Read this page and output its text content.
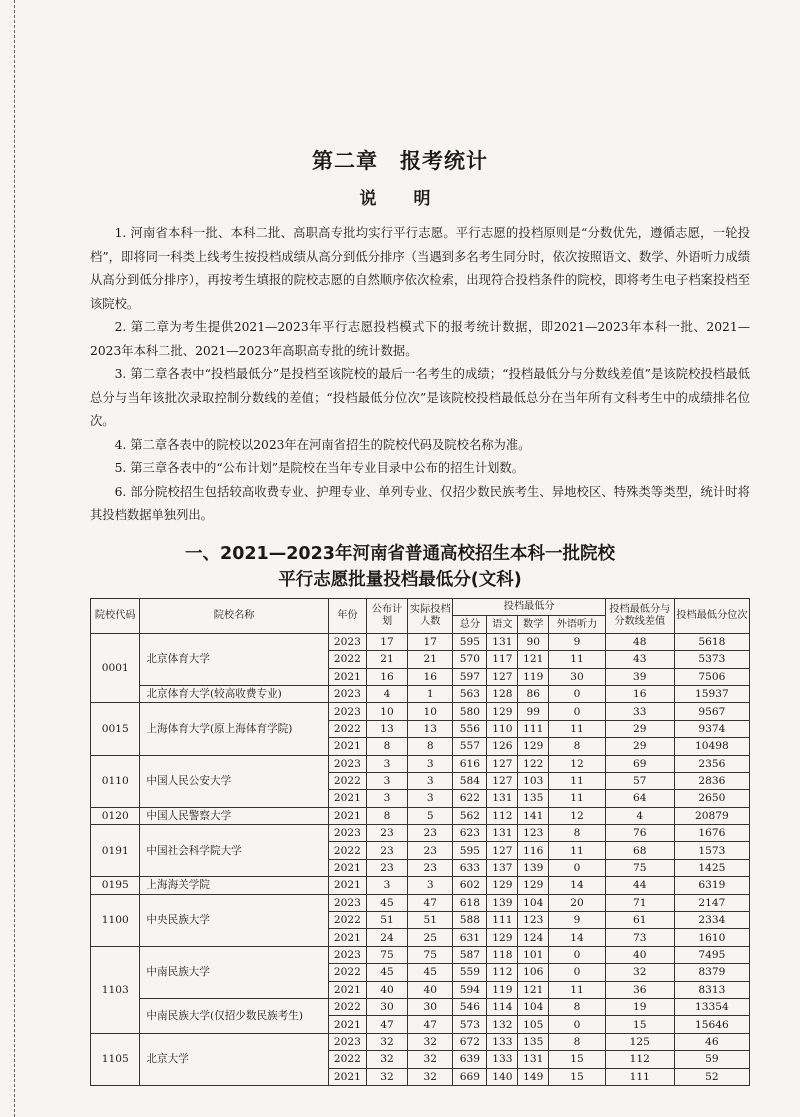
第二章　报考统计
说　明

1. 河南省本科一批、本科二批、高职高专批均实行平行志愿。平行志愿的投档原则是“分数优先，遵循志愿，一轮投档”，即将同一科类上线考生按投档成绩从高分到低分排序（当遇到多名考生同分时，依次按照语文、数学、外语听力成绩从高分到低分排序），再按考生填报的院校志愿的自然顺序依次检索，出现符合投档条件的院校，即将考生电子档案投档至该院校。

2. 第二章为考生提供2021—2023年平行志愿投档模式下的报考统计数据，即2021—2023年本科一批、2021—2023年本科二批、2021—2023年高职高专批的统计数据。

3. 第二章各表中“投档最低分”是投档至该院校的最后一名考生的成绩；“投档最低分与分数线差值”是该院校投档最低总分与当年该批次录取控制分数线的差值；“投档最低分位次”是该院校投档最低总分在当年所有文科考生中的成绩排名位次。

4. 第二章各表中的院校以2023年在河南省招生的院校代码及院校名称为准。

5. 第三章各表中的“公布计划”是院校在当年专业目录中公布的招生计划数。

6. 部分院校招生包括较高收费专业、护理专业、单列专业、仅招少数民族考生、异地校区、特殊类等类型，统计时将其投档数据单独列出。

一、2021—2023年河南省普通高校招生本科一批院校
平行志愿批量投档最低分(文科)
院校代码	院校名称	年份	公布计划	实际投档人数	投档最低分				投档最低分与分数线差值	投档最低分位次
					总分	语文	数学	外语听力		
0001	北京体育大学	2023	17	17	595	131	90	9	48	5618
		2022	21	21	570	117	121	11	43	5373
		2021	16	16	597	127	119	30	39	7506
	北京体育大学(较高收费专业)	2023	4	1	563	128	86	0	16	15937
0015	上海体育大学(原上海体育学院)	2023	10	10	580	129	99	0	33	9567
		2022	13	13	556	110	111	11	29	9374
		2021	8	8	557	126	129	8	29	10498
0110	中国人民公安大学	2023	3	3	616	127	122	12	69	2356
		2022	3	3	584	127	103	11	57	2836
		2021	3	3	622	131	135	11	64	2650
0120	中国人民警察大学	2021	8	5	562	112	141	12	4	20879
0191	中国社会科学院大学	2023	23	23	623	131	123	8	76	1676
		2022	23	23	595	127	116	11	68	1573
		2021	23	23	633	137	139	0	75	1425
0195	上海海关学院	2021	3	3	602	129	129	14	44	6319
1100	中央民族大学	2023	45	47	618	139	104	20	71	2147
		2022	51	51	588	111	123	9	61	2334
		2021	24	25	631	129	124	14	73	1610
1103	中南民族大学	2023	75	75	587	118	101	0	40	7495
		2022	45	45	559	112	106	0	32	8379
		2021	40	40	594	119	121	11	36	8313
	中南民族大学(仅招少数民族考生)	2022	30	30	546	114	104	8	19	13354
		2021	47	47	573	132	105	0	15	15646
1105	北京大学	2023	32	32	672	133	135	8	125	46
		2022	32	32	639	133	131	15	112	59
		2021	32	32	669	140	149	15	111	52
